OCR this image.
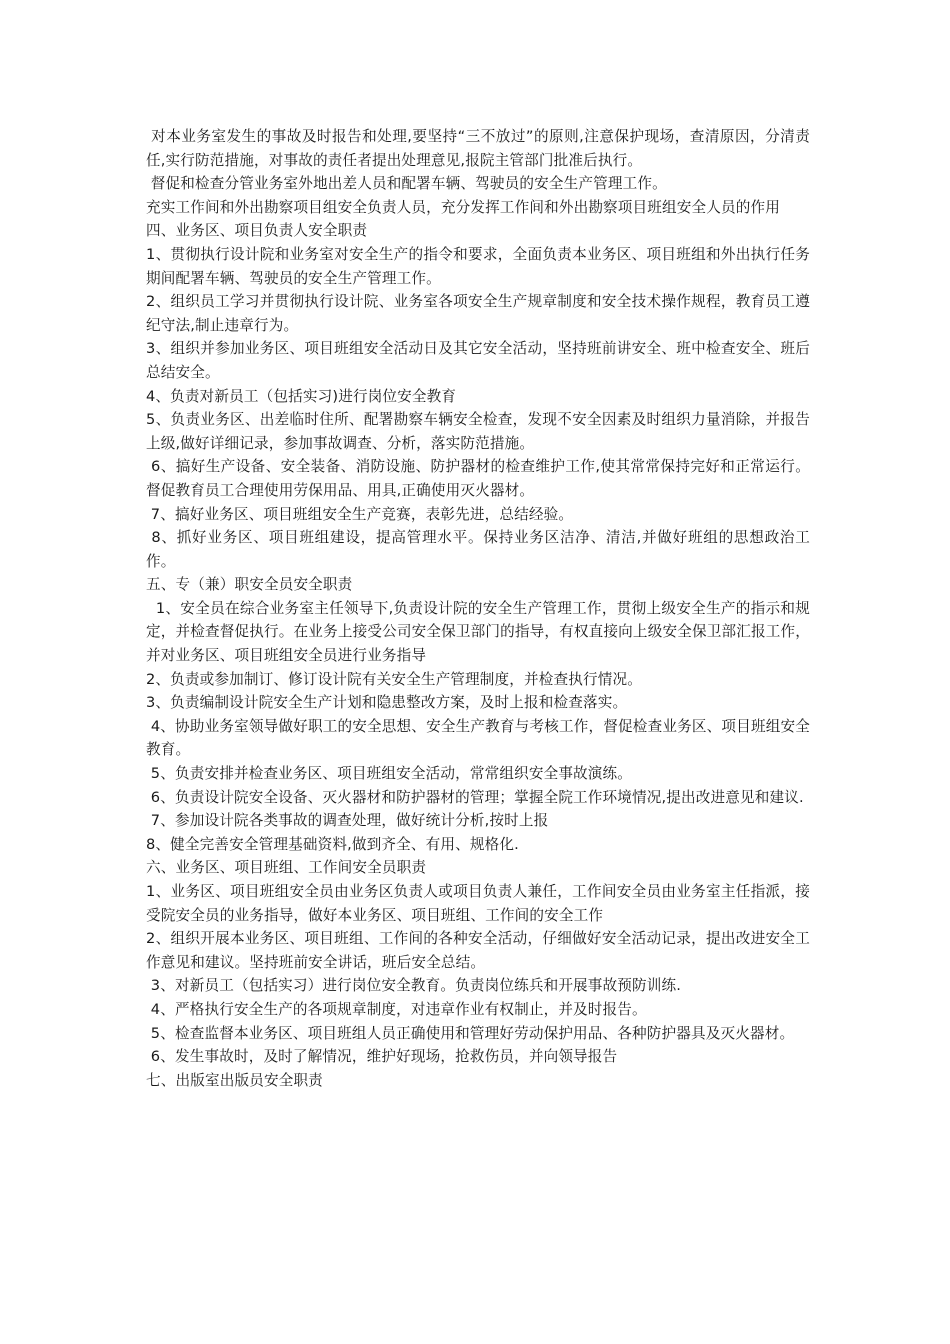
对本业务室发生的事故及时报告和处理,要坚持“三不放过”的原则,注意保护现场，查清原因，分清责任,实行防范措施，对事故的责任者提出处理意见,报院主管部门批准后执行。

督促和检查分管业务室外地出差人员和配署车辆、驾驶员的安全生产管理工作。

充实工作间和外出勘察项目组安全负责人员，充分发挥工作间和外出勘察项目班组安全人员的作用

四、业务区、项目负责人安全职责

1、贯彻执行设计院和业务室对安全生产的指令和要求，全面负责本业务区、项目班组和外出执行任务期间配署车辆、驾驶员的安全生产管理工作。

2、组织员工学习并贯彻执行设计院、业务室各项安全生产规章制度和安全技术操作规程，教育员工遵纪守法,制止违章行为。

3、组织并参加业务区、项目班组安全活动日及其它安全活动，坚持班前讲安全、班中检查安全、班后总结安全。

4、负责对新员工（包括实习)进行岗位安全教育

5、负责业务区、出差临时住所、配署勘察车辆安全检查，发现不安全因素及时组织力量消除，并报告上级,做好详细记录，参加事故调查、分析，落实防范措施。

6、搞好生产设备、安全装备、消防设施、防护器材的检查维护工作,使其常常保持完好和正常运行。督促教育员工合理使用劳保用品、用具,正确使用灭火器材。

7、搞好业务区、项目班组安全生产竞赛，表彰先进，总结经验。

8、抓好业务区、项目班组建设，提高管理水平。保持业务区洁净、清洁,并做好班组的思想政治工作。

五、专（兼）职安全员安全职责

1、安全员在综合业务室主任领导下,负责设计院的安全生产管理工作，贯彻上级安全生产的指示和规定，并检查督促执行。在业务上接受公司安全保卫部门的指导，有权直接向上级安全保卫部汇报工作，并对业务区、项目班组安全员进行业务指导

2、负责或参加制订、修订设计院有关安全生产管理制度，并检查执行情况。

3、负责编制设计院安全生产计划和隐患整改方案，及时上报和检查落实。

4、协助业务室领导做好职工的安全思想、安全生产教育与考核工作，督促检查业务区、项目班组安全教育。

5、负责安排并检查业务区、项目班组安全活动，常常组织安全事故演练。

6、负责设计院安全设备、灭火器材和防护器材的管理；掌握全院工作环境情况,提出改进意见和建议.

7、参加设计院各类事故的调查处理，做好统计分析,按时上报

8、健全完善安全管理基础资料,做到齐全、有用、规格化.

六、业务区、项目班组、工作间安全员职责

1、业务区、项目班组安全员由业务区负责人或项目负责人兼任，工作间安全员由业务室主任指派，接受院安全员的业务指导，做好本业务区、项目班组、工作间的安全工作

2、组织开展本业务区、项目班组、工作间的各种安全活动，仔细做好安全活动记录，提出改进安全工作意见和建议。坚持班前安全讲话，班后安全总结。

3、对新员工（包括实习）进行岗位安全教育。负责岗位练兵和开展事故预防训练.

4、严格执行安全生产的各项规章制度，对违章作业有权制止，并及时报告。

5、检查监督本业务区、项目班组人员正确使用和管理好劳动保护用品、各种防护器具及灭火器材。

6、发生事故时，及时了解情况，维护好现场，抢救伤员，并向领导报告

七、出版室出版员安全职责
